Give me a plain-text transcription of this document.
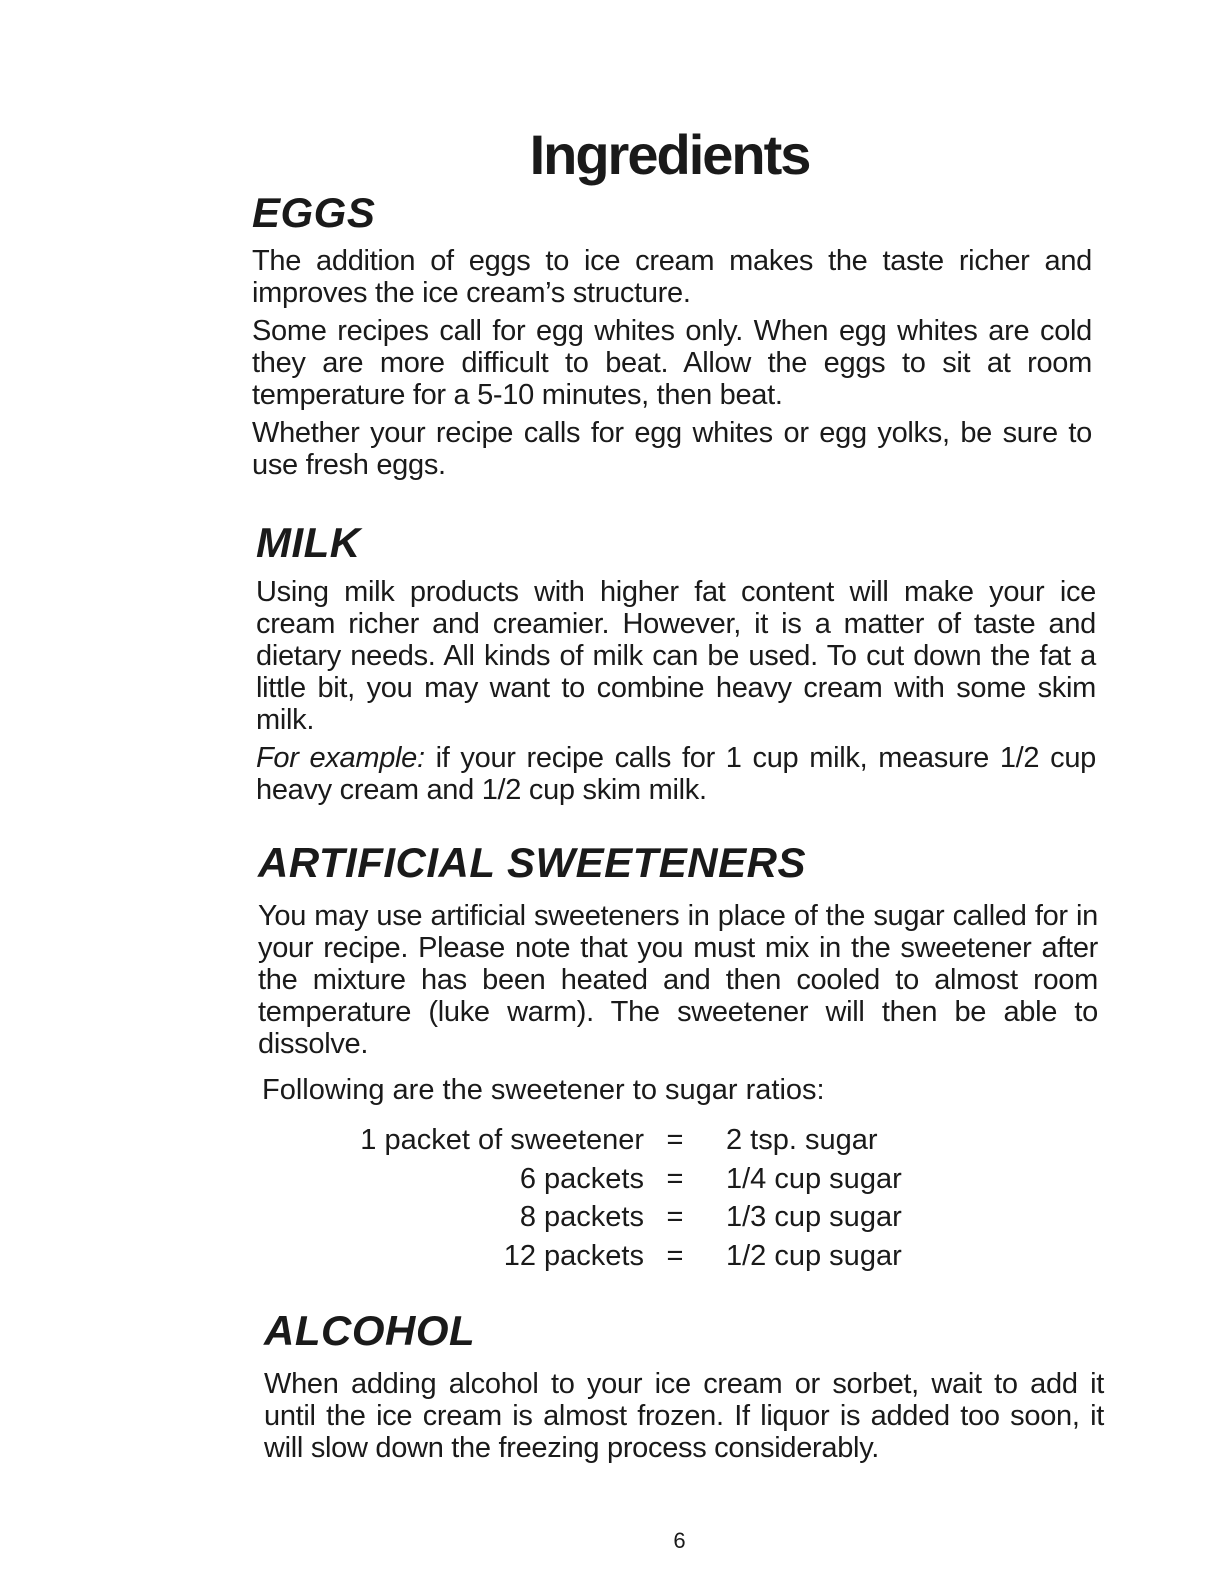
Ingredients
EGGS

The addition of eggs to ice cream makes the taste richer and improves the ice cream’s structure.

Some recipes call for egg whites only. When egg whites are cold they are more difficult to beat. Allow the eggs to sit at room temperature for a 5-10 minutes, then beat.

Whether your recipe calls for egg whites or egg yolks, be sure to use fresh eggs.

MILK

Using milk products with higher fat content will make your ice cream richer and creamier. However, it is a matter of taste and dietary needs. All kinds of milk can be used. To cut down the fat a little bit, you may want to combine heavy cream with some skim milk.

For example: if your recipe calls for 1 cup milk, measure 1/2 cup heavy cream and 1/2 cup skim milk.

ARTIFICIAL SWEETENERS

You may use artificial sweeteners in place of the sugar called for in your recipe. Please note that you must mix in the sweetener after the mixture has been heated and then cooled to almost room temperature (luke warm). The sweetener will then be able to dissolve.

Following are the sweetener to sugar ratios:

1 packet of sweetener	=	2 tsp. sugar
6 packets	=	1/4 cup sugar
8 packets	=	1/3 cup sugar
12 packets	=	1/2 cup sugar
ALCOHOL

When adding alcohol to your ice cream or sorbet, wait to add it until the ice cream is almost frozen. If liquor is added too soon, it will slow down the freezing process considerably.

6
